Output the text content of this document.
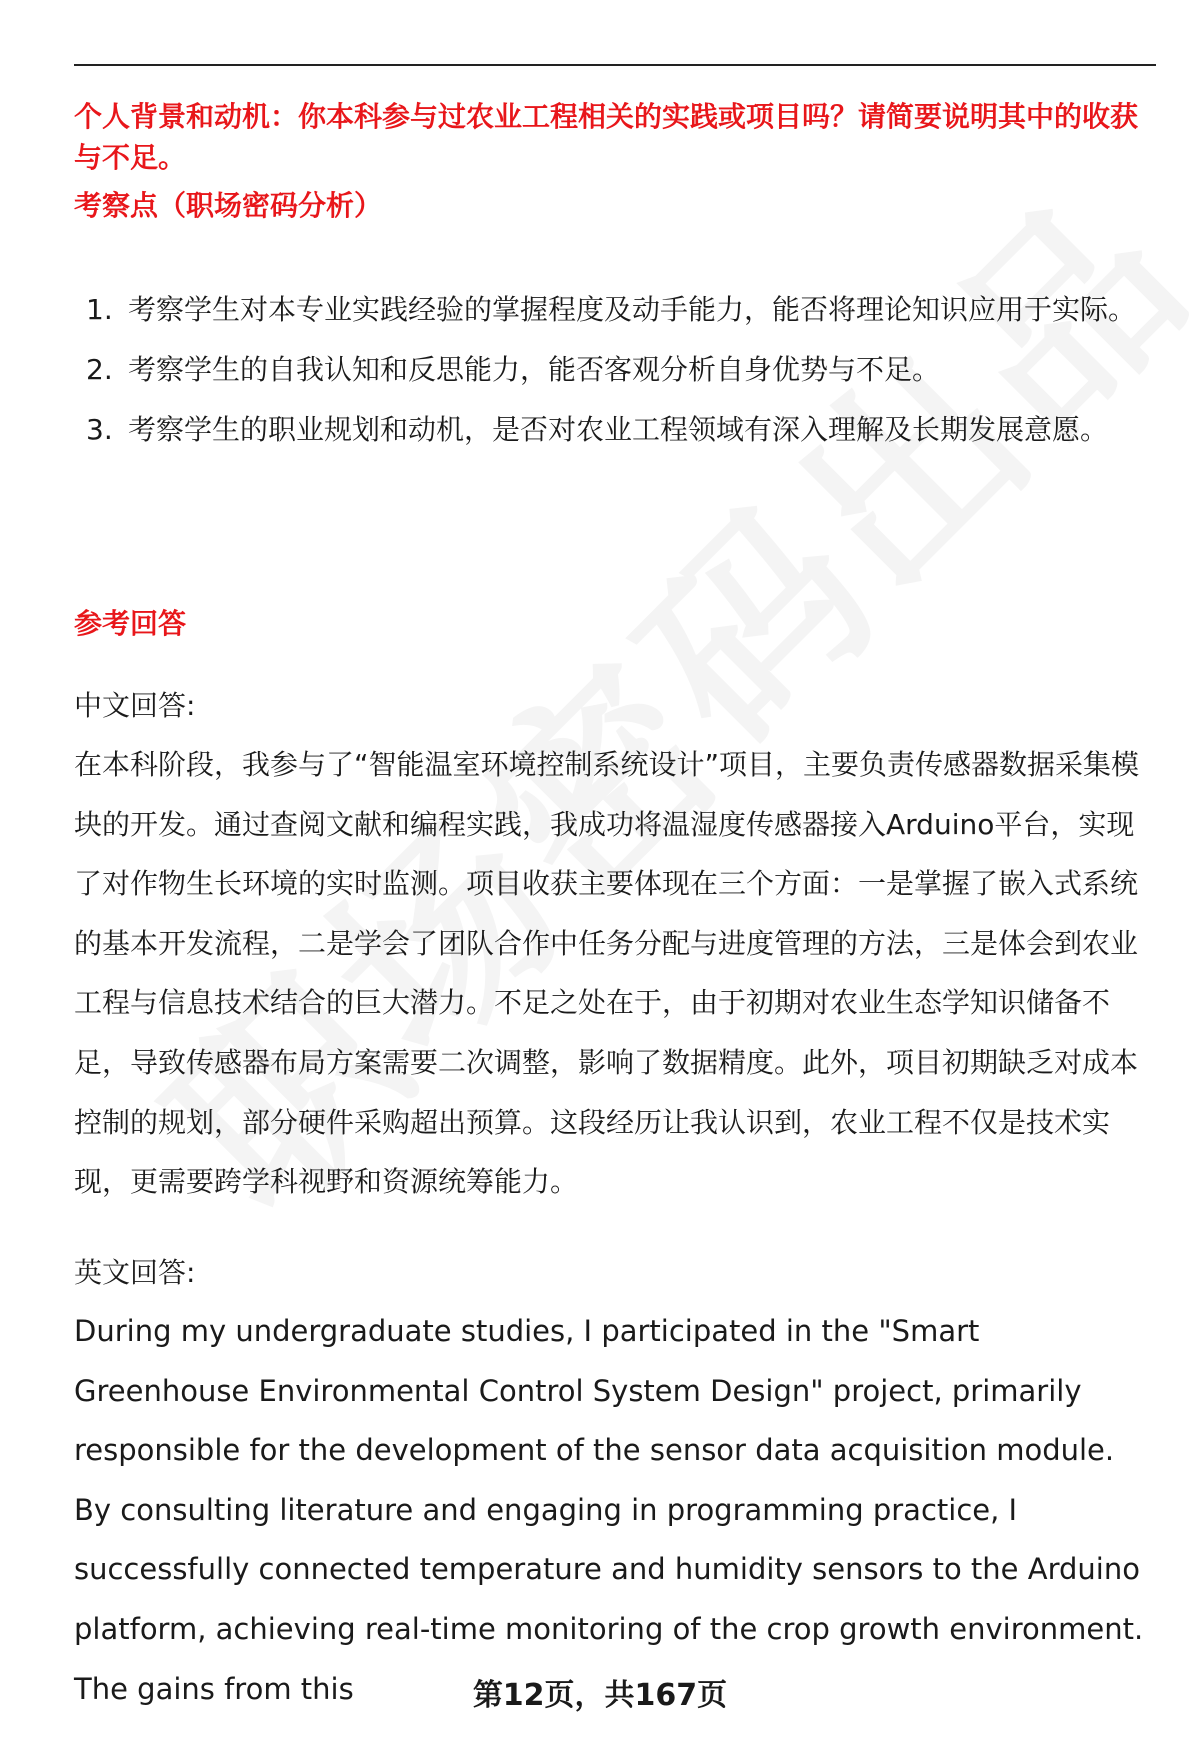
个人背景和动机：你本科参与过农业工程相关的实践或项目吗？请简要说明其中的收获与不足。
考察点（职场密码分析）
1. 考察学生对本专业实践经验的掌握程度及动手能力，能否将理论知识应用于实际。
2. 考察学生的自我认知和反思能力，能否客观分析自身优势与不足。
3. 考察学生的职业规划和动机，是否对农业工程领域有深入理解及长期发展意愿。
参考回答
中文回答:
在本科阶段，我参与了“智能温室环境控制系统设计”项目，主要负责传感器数据采集模块的开发。通过查阅文献和编程实践，我成功将温湿度传感器接入Arduino平台，实现了对作物生长环境的实时监测。项目收获主要体现在三个方面：一是掌握了嵌入式系统的基本开发流程，二是学会了团队合作中任务分配与进度管理的方法，三是体会到农业工程与信息技术结合的巨大潜力。不足之处在于，由于初期对农业生态学知识储备不足，导致传感器布局方案需要二次调整，影响了数据精度。此外，项目初期缺乏对成本控制的规划，部分硬件采购超出预算。这段经历让我认识到，农业工程不仅是技术实现，更需要跨学科视野和资源统筹能力。
英文回答:
During my undergraduate studies, I participated in the "Smart Greenhouse Environmental Control System Design" project, primarily responsible for the development of the sensor data acquisition module. By consulting literature and engaging in programming practice, I successfully connected temperature and humidity sensors to the Arduino platform, achieving real-time monitoring of the crop growth environment. The gains from this	第12页，共167页
